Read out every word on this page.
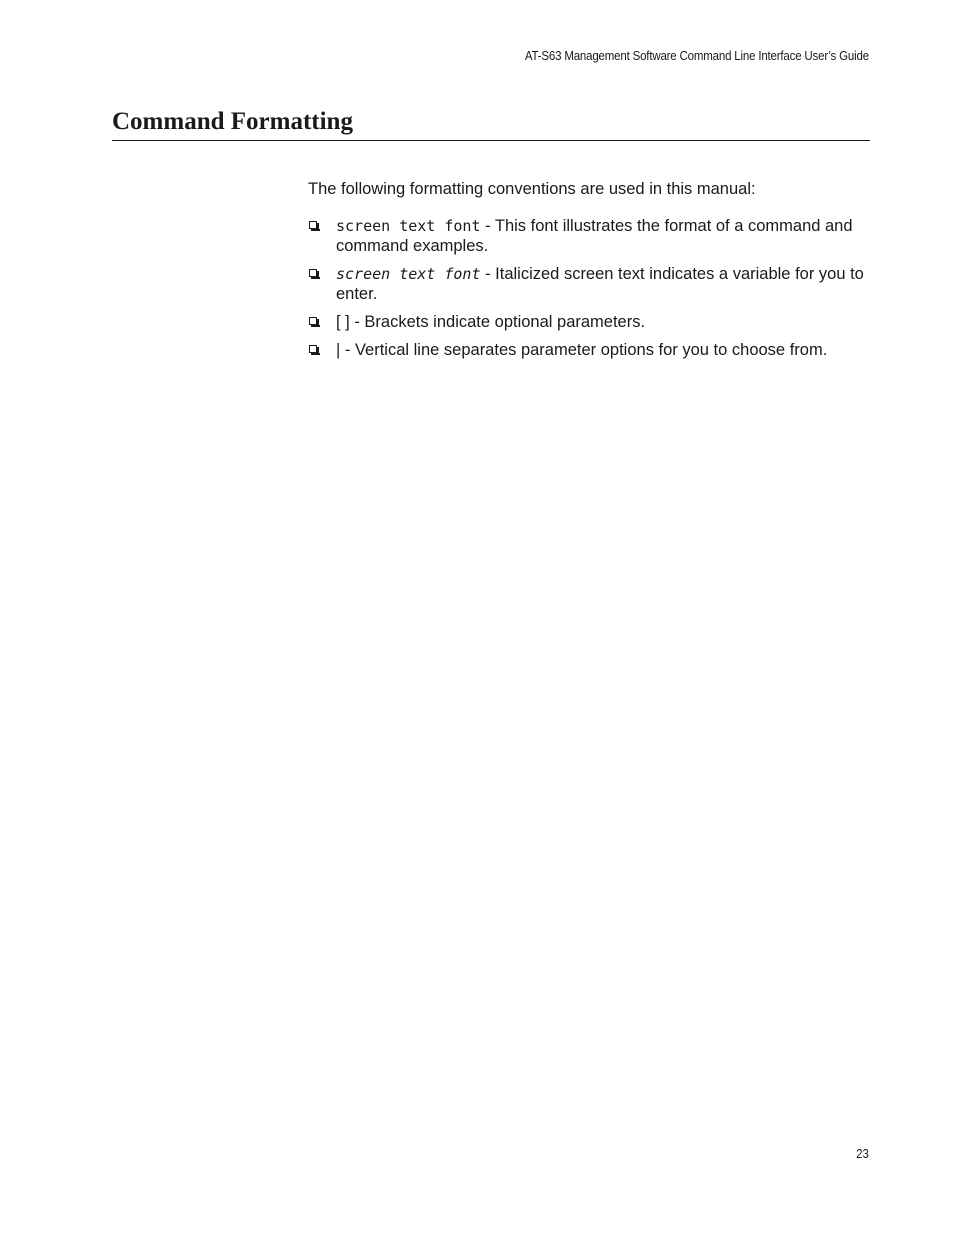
AT-S63 Management Software Command Line Interface User’s Guide
Command Formatting

The following formatting conventions are used in this manual:

screen text font - This font illustrates the format of a command and command examples.
screen text font - Italicized screen text indicates a variable for you to enter.
[ ] - Brackets indicate optional parameters.
| - Vertical line separates parameter options for you to choose from.
23
